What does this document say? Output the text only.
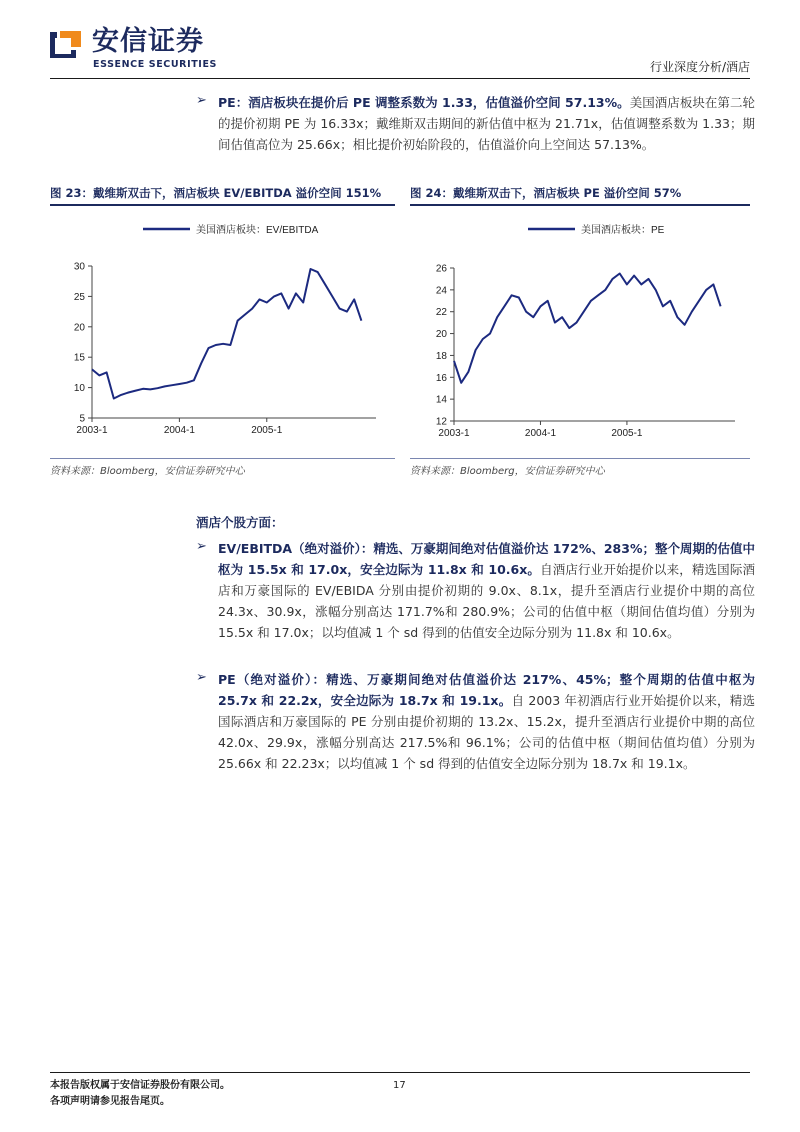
安信证券
ESSENCE SECURITIES	行业深度分析/酒店
➢ PE：酒店板块在提价后 PE 调整系数为 1.33，估值溢价空间 57.13%。美国酒店板块在第二轮的提价初期 PE 为 16.33x；戴维斯双击期间的新估值中枢为 21.71x，估值调整系数为 1.33；期间估值高位为 25.66x；相比提价初始阶段的，估值溢价向上空间达 57.13%。
图 23：戴维斯双击下，酒店板块 EV/EBITDA 溢价空间 151%
美国酒店板块：EV/EBITDA
5
10
15
20
25
30
2003-1	2004-1	2005-1
资料来源：Bloomberg，安信证券研究中心
图 24：戴维斯双击下，酒店板块 PE 溢价空间 57%
美国酒店板块：PE
12
14
16
18
20
22
24
26
2003-1	2004-1	2005-1
资料来源：Bloomberg，安信证券研究中心
酒店个股方面：
➢ EV/EBITDA（绝对溢价）：精选、万豪期间绝对估值溢价达 172%、283%；整个周期的估值中枢为 15.5x 和 17.0x，安全边际为 11.8x 和 10.6x。自酒店行业开始提价以来，精选国际酒店和万豪国际的 EV/EBIDA 分别由提价初期的 9.0x、8.1x，提升至酒店行业提价中期的高位 24.3x、30.9x，涨幅分别高达 171.7%和 280.9%；公司的估值中枢（期间估值均值）分别为 15.5x 和 17.0x；以均值减 1 个 sd 得到的估值安全边际分别为 11.8x 和 10.6x。
➢ PE（绝对溢价）：精选、万豪期间绝对估值溢价达 217%、45%；整个周期的估值中枢为 25.7x 和 22.2x，安全边际为 18.7x 和 19.1x。自 2003 年初酒店行业开始提价以来，精选国际酒店和万豪国际的 PE 分别由提价初期的 13.2x、15.2x，提升至酒店行业提价中期的高位 42.0x、29.9x，涨幅分别高达 217.5%和 96.1%；公司的估值中枢（期间估值均值）分别为 25.66x 和 22.23x；以均值减 1 个 sd 得到的估值安全边际分别为 18.7x 和 19.1x。
本报告版权属于安信证券股份有限公司。
各项声明请参见报告尾页。
17
